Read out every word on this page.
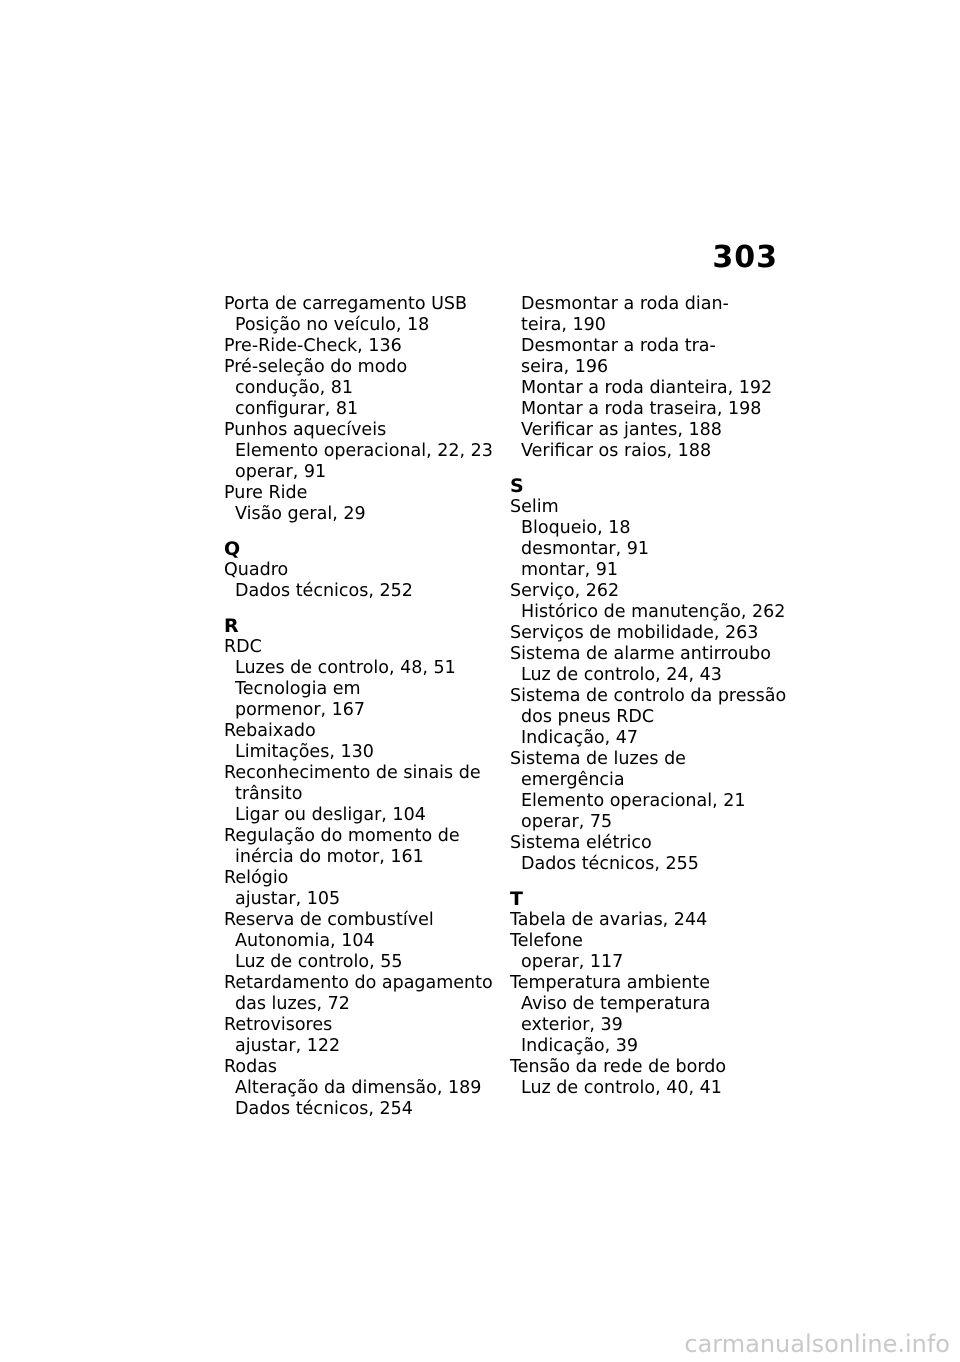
303
Porta de carregamento USB
Posição no veículo, 18
Pre-Ride-Check, 136
Pré-seleção do modo
condução, 81
configurar, 81
Punhos aquecíveis
Elemento operacional, 22, 23
operar, 91
Pure Ride
Visão geral, 29
Q
Quadro
Dados técnicos, 252
R
RDC
Luzes de controlo, 48, 51
Tecnologia em
pormenor, 167
Rebaixado
Limitações, 130
Reconhecimento de sinais de
trânsito
Ligar ou desligar, 104
Regulação do momento de
inércia do motor, 161
Relógio
ajustar, 105
Reserva de combustível
Autonomia, 104
Luz de controlo, 55
Retardamento do apagamento
das luzes, 72
Retrovisores
ajustar, 122
Rodas
Alteração da dimensão, 189
Dados técnicos, 254
Desmontar a roda dian-
teira, 190
Desmontar a roda tra-
seira, 196
Montar a roda dianteira, 192
Montar a roda traseira, 198
Verificar as jantes, 188
Verificar os raios, 188
S
Selim
Bloqueio, 18
desmontar, 91
montar, 91
Serviço, 262
Histórico de manutenção, 262
Serviços de mobilidade, 263
Sistema de alarme antirroubo
Luz de controlo, 24, 43
Sistema de controlo da pressão
dos pneus RDC
Indicação, 47
Sistema de luzes de
emergência
Elemento operacional, 21
operar, 75
Sistema elétrico
Dados técnicos, 255
T
Tabela de avarias, 244
Telefone
operar, 117
Temperatura ambiente
Aviso de temperatura
exterior, 39
Indicação, 39
Tensão da rede de bordo
Luz de controlo, 40, 41
carmanualsonline.info
